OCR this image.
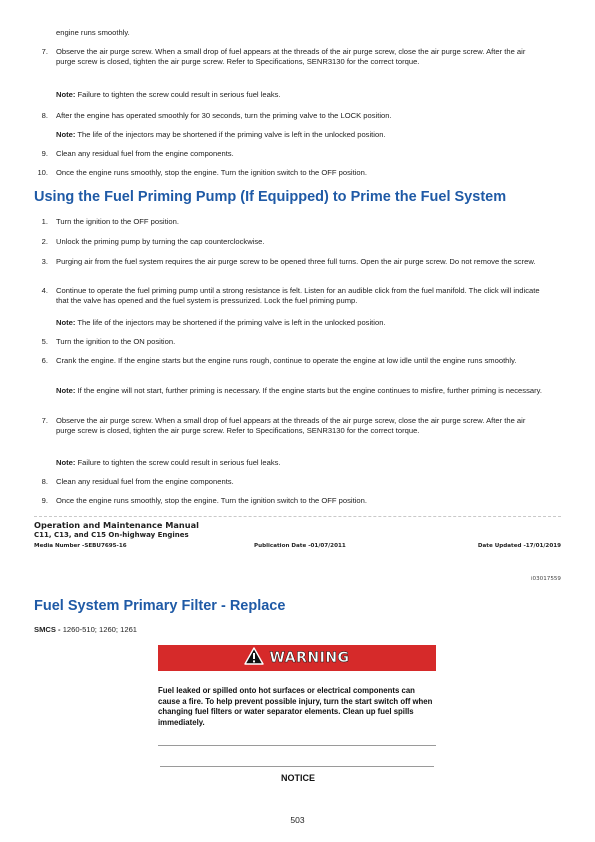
engine runs smoothly.
7. Observe the air purge screw. When a small drop of fuel appears at the threads of the air purge screw, close the air purge screw. After the air purge screw is closed, tighten the air purge screw. Refer to Specifications, SENR3130 for the correct torque.
Note: Failure to tighten the screw could result in serious fuel leaks.
8. After the engine has operated smoothly for 30 seconds, turn the priming valve to the LOCK position.
Note: The life of the injectors may be shortened if the priming valve is left in the unlocked position.
9. Clean any residual fuel from the engine components.
10. Once the engine runs smoothly, stop the engine. Turn the ignition switch to the OFF position.
Using the Fuel Priming Pump (If Equipped) to Prime the Fuel System
1. Turn the ignition to the OFF position.
2. Unlock the priming pump by turning the cap counterclockwise.
3. Purging air from the fuel system requires the air purge screw to be opened three full turns. Open the air purge screw. Do not remove the screw.
4. Continue to operate the fuel priming pump until a strong resistance is felt. Listen for an audible click from the fuel manifold. The click will indicate that the valve has opened and the fuel system is pressurized. Lock the fuel priming pump.
Note: The life of the injectors may be shortened if the priming valve is left in the unlocked position.
5. Turn the ignition to the ON position.
6. Crank the engine. If the engine starts but the engine runs rough, continue to operate the engine at low idle until the engine runs smoothly.
Note: If the engine will not start, further priming is necessary. If the engine starts but the engine continues to misfire, further priming is necessary.
7. Observe the air purge screw. When a small drop of fuel appears at the threads of the air purge screw, close the air purge screw. After the air purge screw is closed, tighten the air purge screw. Refer to Specifications, SENR3130 for the correct torque.
Note: Failure to tighten the screw could result in serious fuel leaks.
8. Clean any residual fuel from the engine components.
9. Once the engine runs smoothly, stop the engine. Turn the ignition switch to the OFF position.
Operation and Maintenance Manual
C11, C13, and C15 On-highway Engines
Media Number -SEBU7695-16	Publication Date -01/07/2011	Date Updated -17/01/2019
i03017559
Fuel System Primary Filter - Replace
SMCS - 1260-510; 1260; 1261
WARNING
Fuel leaked or spilled onto hot surfaces or electrical components can cause a fire. To help prevent possible injury, turn the start switch off when changing fuel filters or water separator elements. Clean up fuel spills immediately.
NOTICE
503
